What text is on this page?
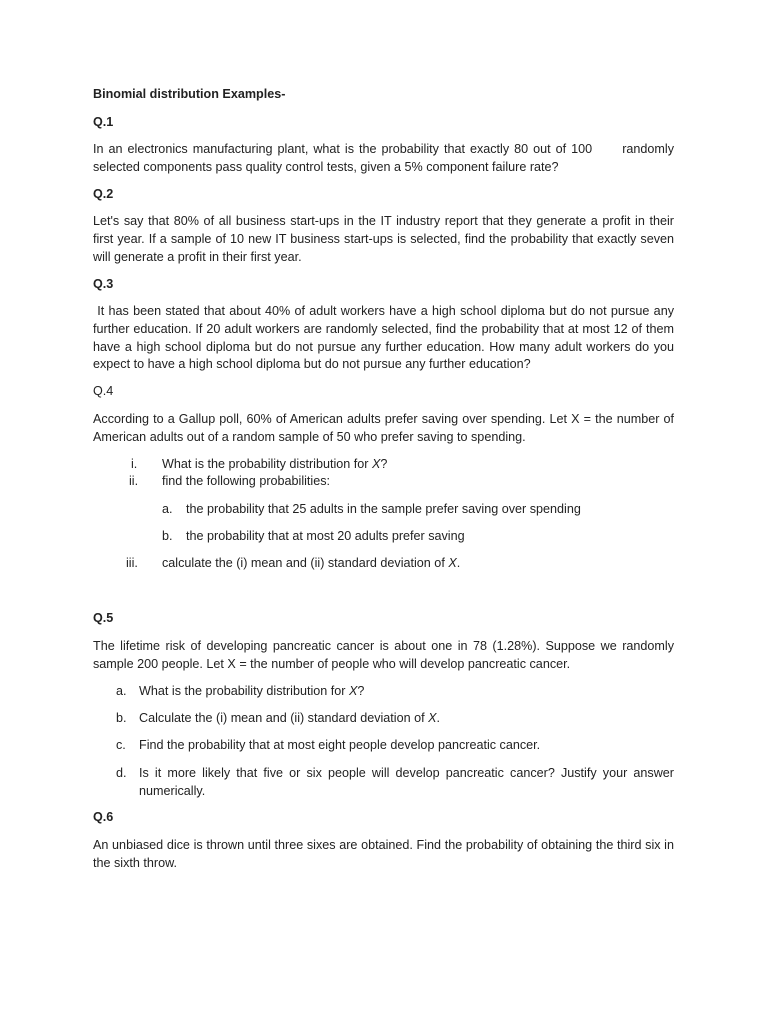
Binomial distribution Examples-
Q.1

In an electronics manufacturing plant, what is the probability that exactly 80 out of 100      randomly selected components pass quality control tests, given a 5% component failure rate?

Q.2

Let's say that 80% of all business start-ups in the IT industry report that they generate a profit in their first year. If a sample of 10 new IT business start-ups is selected, find the probability that exactly seven will generate a profit in their first year.

Q.3

It has been stated that about 40% of adult workers have a high school diploma but do not pursue any further education. If 20 adult workers are randomly selected, find the probability that at most 12 of them have a high school diploma but do not pursue any further education. How many adult workers do you expect to have a high school diploma but do not pursue any further education?

Q.4

According to a Gallup poll, 60% of American adults prefer saving over spending. Let X = the number of American adults out of a random sample of 50 who prefer saving to spending.

i. What is the probability distribution for X?
ii. find the following probabilities:
a. the probability that 25 adults in the sample prefer saving over spending
b. the probability that at most 20 adults prefer saving
iii. calculate the (i) mean and (ii) standard deviation of X.
Q.5

The lifetime risk of developing pancreatic cancer is about one in 78 (1.28%). Suppose we randomly sample 200 people. Let X = the number of people who will develop pancreatic cancer.

a. What is the probability distribution for X?
b. Calculate the (i) mean and (ii) standard deviation of X.
c. Find the probability that at most eight people develop pancreatic cancer.
d. Is it more likely that five or six people will develop pancreatic cancer? Justify your answer numerically.
Q.6

An unbiased dice is thrown until three sixes are obtained. Find the probability of obtaining the third six in the sixth throw.
